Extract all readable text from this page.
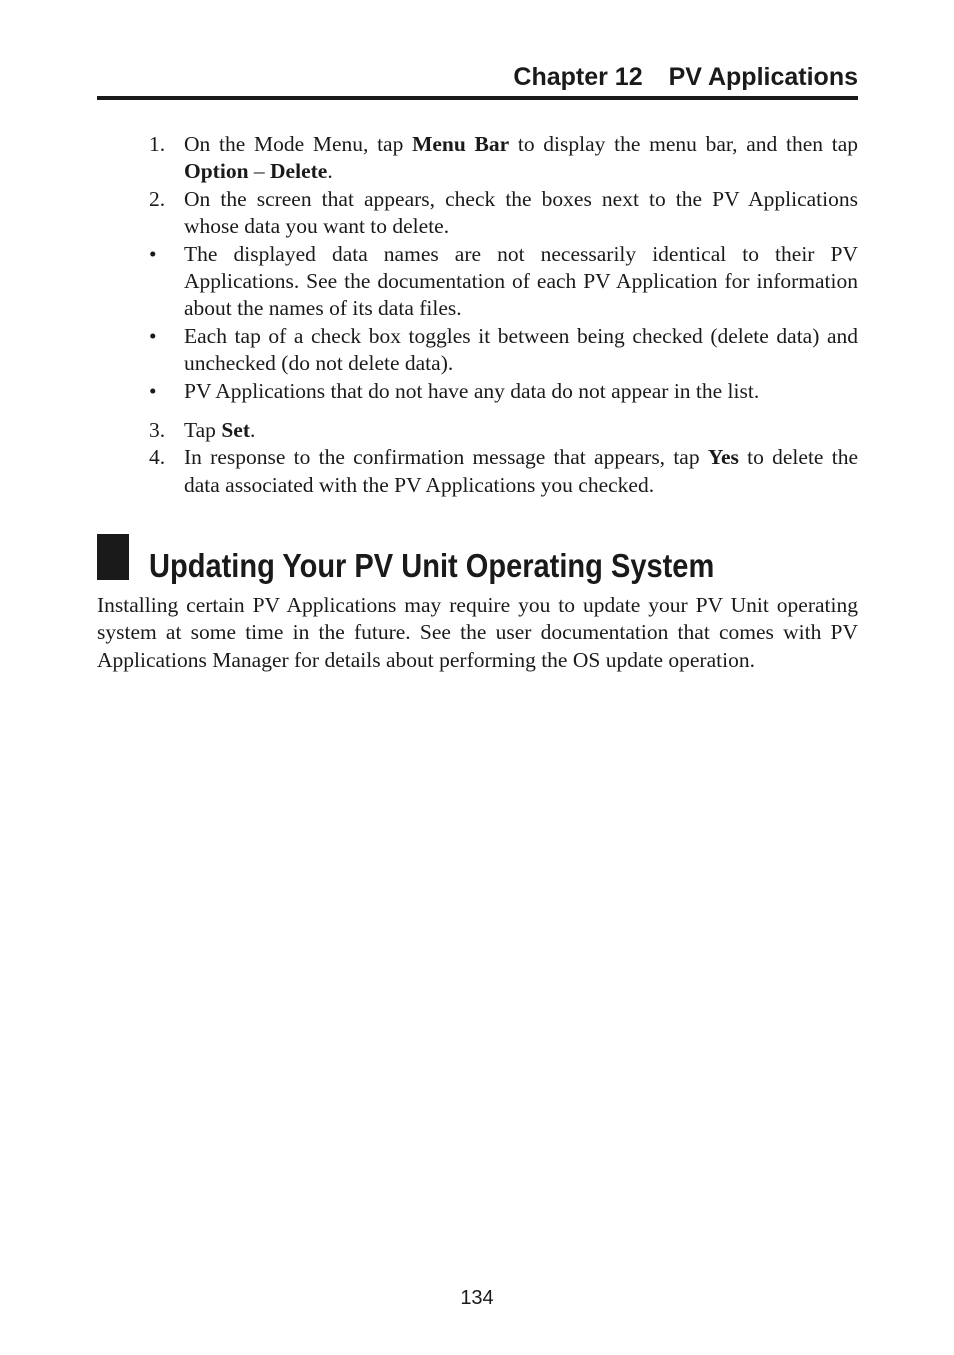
Chapter 12 PV Applications
1. On the Mode Menu, tap Menu Bar to display the menu bar, and then tap Option – Delete.
2. On the screen that appears, check the boxes next to the PV Applications whose data you want to delete.
•	The displayed data names are not necessarily identical to their PV Applications. See the documentation of each PV Application for information about the names of its data files.
•	Each tap of a check box toggles it between being checked (delete data) and unchecked (do not delete data).
•	PV Applications that do not have any data do not appear in the list.
3. Tap Set.
4. In response to the confirmation message that appears, tap Yes to delete the data associated with the PV Applications you checked.
Updating Your PV Unit Operating System
Installing certain PV Applications may require you to update your PV Unit operating system at some time in the future. See the user documentation that comes with PV Applications Manager for details about performing the OS update operation.
134
